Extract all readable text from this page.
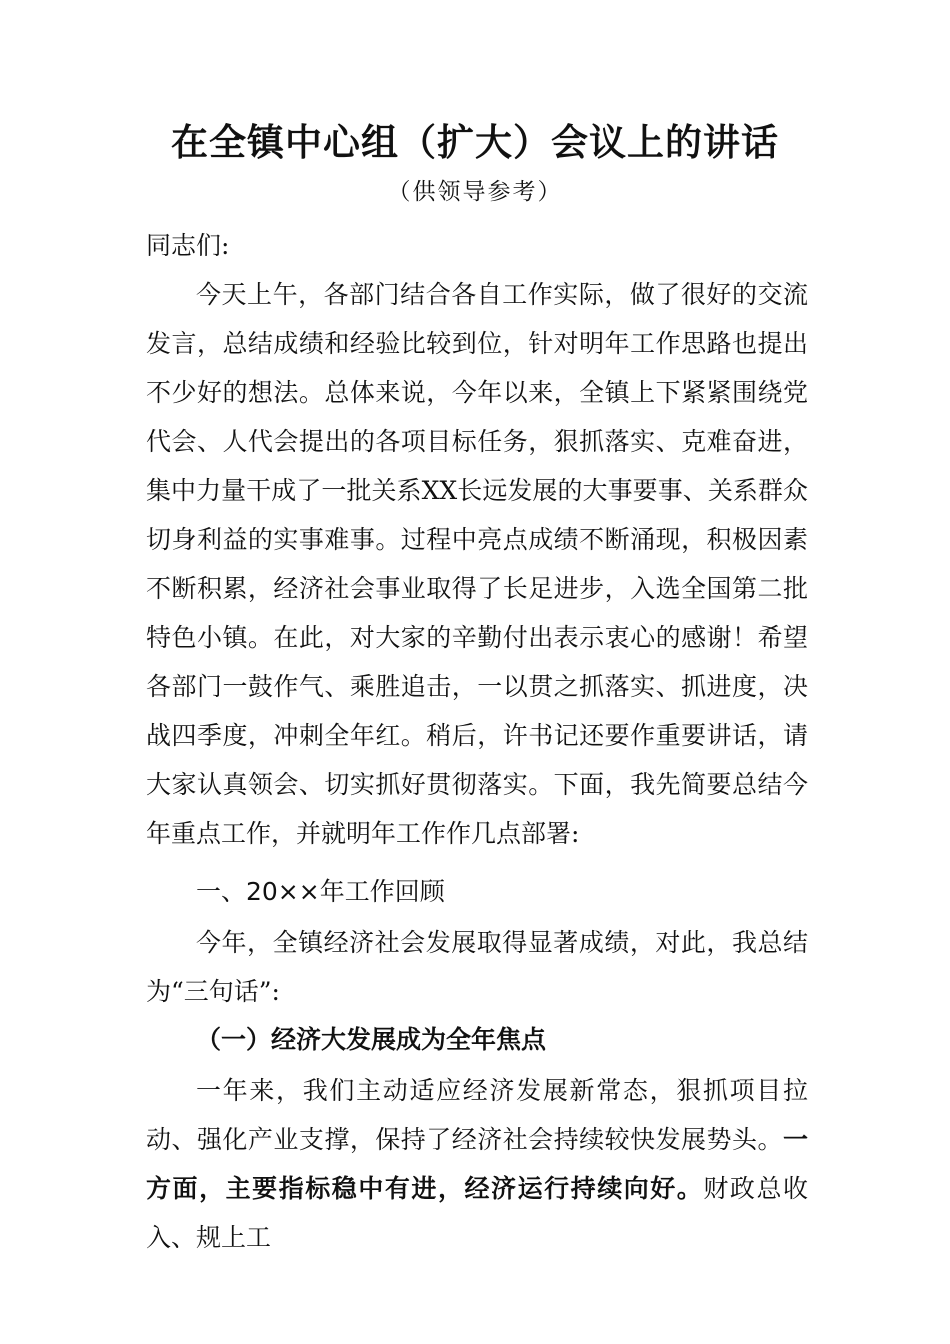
在全镇中心组（扩大）会议上的讲话
（供领导参考）
同志们:

今天上午，各部门结合各自工作实际，做了很好的交流发言，总结成绩和经验比较到位，针对明年工作思路也提出不少好的想法。总体来说，今年以来，全镇上下紧紧围绕党代会、人代会提出的各项目标任务，狠抓落实、克难奋进，集中力量干成了一批关系XX长远发展的大事要事、关系群众切身利益的实事难事。过程中亮点成绩不断涌现，积极因素不断积累，经济社会事业取得了长足进步，入选全国第二批特色小镇。在此，对大家的辛勤付出表示衷心的感谢！希望各部门一鼓作气、乘胜追击，一以贯之抓落实、抓进度，决战四季度，冲刺全年红。稍后，许书记还要作重要讲话，请大家认真领会、切实抓好贯彻落实。下面，我先简要总结今年重点工作，并就明年工作作几点部署:

一、20××年工作回顾

今年，全镇经济社会发展取得显著成绩，对此，我总结为“三句话”:

（一）经济大发展成为全年焦点

一年来，我们主动适应经济发展新常态，狠抓项目拉动、强化产业支撑，保持了经济社会持续较快发展势头。一方面，主要指标稳中有进，经济运行持续向好。财政总收入、规上工
